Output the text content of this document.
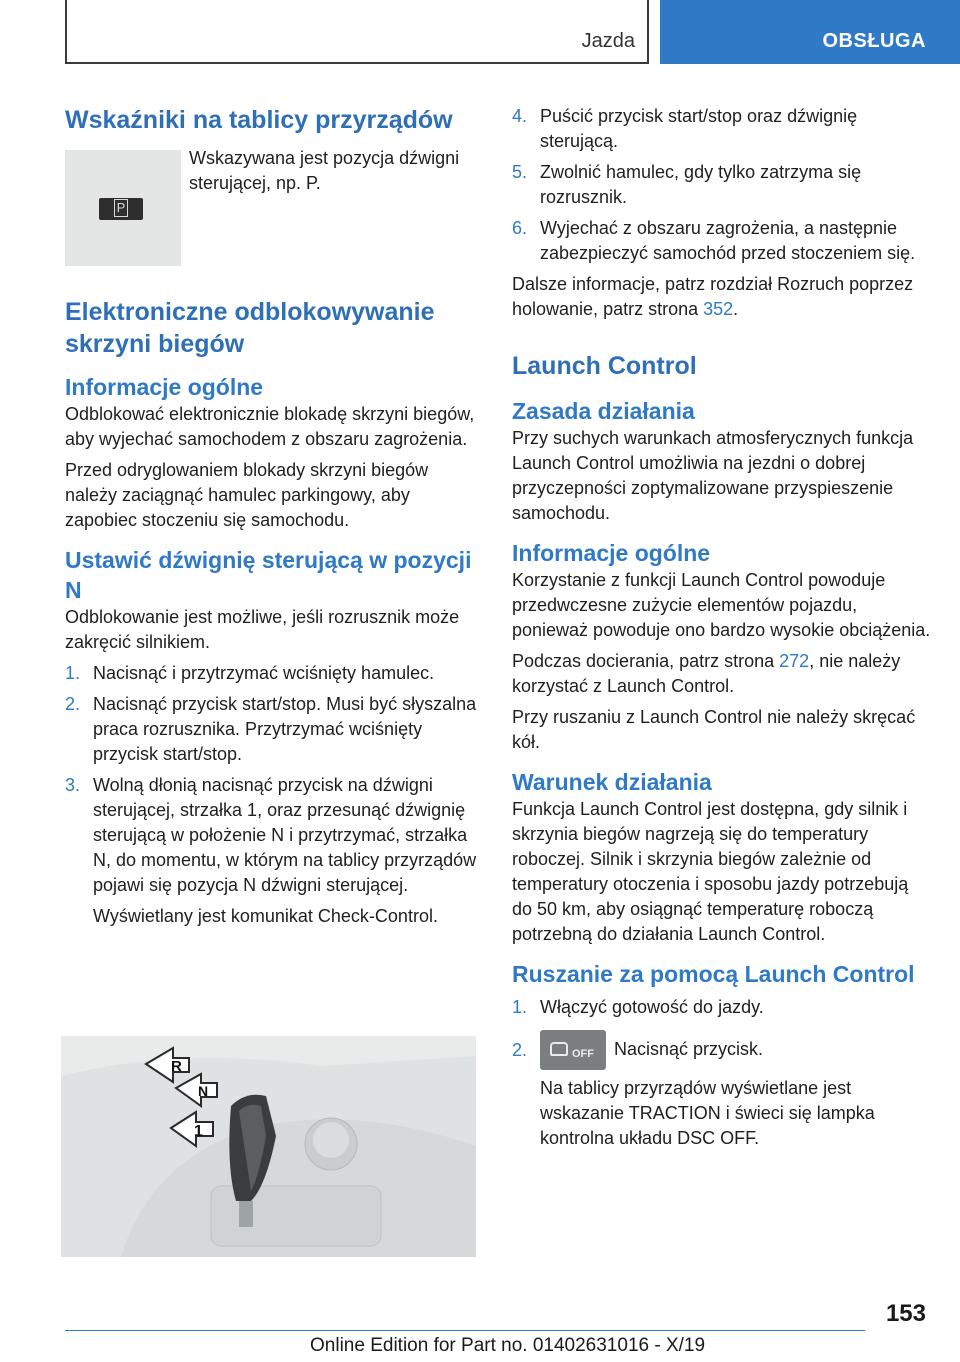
Jazda	OBSŁUGA
Wskaźniki na tablicy przyrządów
P

Wskazywana jest pozycja dźwigni sterującej, np. P.

Elektroniczne odblokowywanie skrzyni biegów
Informacje ogólne

Odblokować elektronicznie blokadę skrzyni biegów, aby wyjechać samochodem z obszaru zagrożenia.

Przed odryglowaniem blokady skrzyni biegów należy zaciągnąć hamulec parkingowy, aby zapobiec stoczeniu się samochodu.

Ustawić dźwignię sterującą w pozycji N

Odblokowanie jest możliwe, jeśli rozrusznik może zakręcić silnikiem.

1. Nacisnąć i przytrzymać wciśnięty hamulec.
2. Nacisnąć przycisk start/stop. Musi być słyszalna praca rozrusznika. Przytrzymać wciśnięty przycisk start/stop.
3. Wolną dłonią nacisnąć przycisk na dźwigni sterującej, strzałka 1, oraz przesunąć dźwignię sterującą w położenie N i przytrzymać, strzałka N, do momentu, w którym na tablicy przyrządów pojawi się pozycja N dźwigni sterującej.

Wyświetlany jest komunikat Check-Control.

R
N
1
4. Puścić przycisk start/stop oraz dźwignię sterującą.
5. Zwolnić hamulec, gdy tylko zatrzyma się rozrusznik.
6. Wyjechać z obszaru zagrożenia, a następnie zabezpieczyć samochód przed stoczeniem się.

Dalsze informacje, patrz rozdział Rozruch poprzez holowanie, patrz strona 352.

Launch Control
Zasada działania

Przy suchych warunkach atmosferycznych funkcja Launch Control umożliwia na jezdni o dobrej przyczepności zoptymalizowane przyspieszenie samochodu.

Informacje ogólne

Korzystanie z funkcji Launch Control powoduje przedwczesne zużycie elementów pojazdu, ponieważ powoduje ono bardzo wysokie obciążenia.

Podczas docierania, patrz strona 272, nie należy korzystać z Launch Control.

Przy ruszaniu z Launch Control nie należy skręcać kół.

Warunek działania

Funkcja Launch Control jest dostępna, gdy silnik i skrzynia biegów nagrzeją się do temperatury roboczej. Silnik i skrzynia biegów zależnie od temperatury otoczenia i sposobu jazdy potrzebują do 50 km, aby osiągnąć temperaturę roboczą potrzebną do działania Launch Control.

Ruszanie za pomocą Launch Control
1. Włączyć gotowość do jazdy.
2.	OFF Nacisnąć przycisk.

Na tablicy przyrządów wyświetlane jest wskazanie TRACTION i świeci się lampka kontrolna układu DSC OFF.

153
Online Edition for Part no. 01402631016 - X/19
